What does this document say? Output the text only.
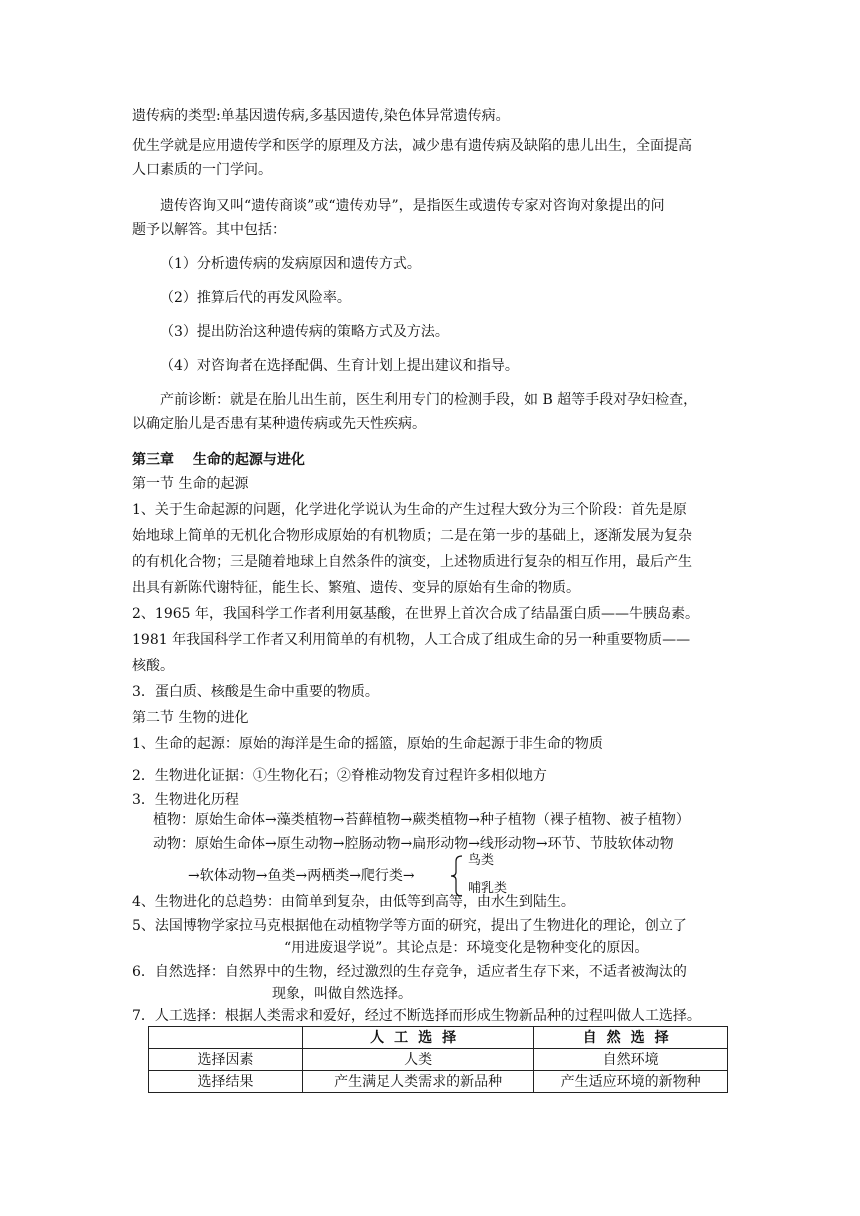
遗传病的类型:单基因遗传病,多基因遗传,染色体异常遗传病。

优生学就是应用遗传学和医学的原理及方法，减少患有遗传病及缺陷的患儿出生，全面提高

人口素质的一门学问。

遗传咨询又叫“遗传商谈”或“遗传劝导”，是指医生或遗传专家对咨询对象提出的问

题予以解答。其中包括：

（1）分析遗传病的发病原因和遗传方式。

（2）推算后代的再发风险率。

（3）提出防治这种遗传病的策略方式及方法。

（4）对咨询者在选择配偶、生育计划上提出建议和指导。

产前诊断：就是在胎儿出生前，医生利用专门的检测手段，如 B 超等手段对孕妇检查，

以确定胎儿是否患有某种遗传病或先天性疾病。

第三章　 生命的起源与进化

第一节 生命的起源

1、关于生命起源的问题，化学进化学说认为生命的产生过程大致分为三个阶段：首先是原

始地球上简单的无机化合物形成原始的有机物质；二是在第一步的基础上，逐渐发展为复杂

的有机化合物；三是随着地球上自然条件的演变，上述物质进行复杂的相互作用，最后产生

出具有新陈代谢特征，能生长、繁殖、遗传、变异的原始有生命的物质。

2、1965 年，我国科学工作者利用氨基酸，在世界上首次合成了结晶蛋白质——牛胰岛素。

1981 年我国科学工作者又利用简单的有机物，人工合成了组成生命的另一种重要物质——

核酸。

3．蛋白质、核酸是生命中重要的物质。

第二节 生物的进化

1、生命的起源：原始的海洋是生命的摇篮，原始的生命起源于非生命的物质

2．生物进化证据：①生物化石；②脊椎动物发育过程许多相似地方

3．生物进化历程

植物：原始生命体→藻类植物→苔藓植物→蕨类植物→种子植物（裸子植物、被子植物）

动物：原始生命体→原生动物→腔肠动物→扁形动物→线形动物→环节、节肢软体动物

→软体动物→鱼类→两栖类→爬行类→

鸟类
哺乳类

4、生物进化的总趋势：由简单到复杂，由低等到高等，由水生到陆生。

5、法国博物学家拉马克根据他在动植物学等方面的研究，提出了生物进化的理论，创立了

“用进废退学说”。其论点是：环境变化是物种变化的原因。

6．自然选择：自然界中的生物，经过激烈的生存竞争，适应者生存下来，不适者被淘汰的

现象，叫做自然选择。

7．人工选择：根据人类需求和爱好，经过不断选择而形成生物新品种的过程叫做人工选择。

	人工选择	自然选择
选择因素	人类	自然环境
选择结果	产生满足人类需求的新品种	产生适应环境的新物种
